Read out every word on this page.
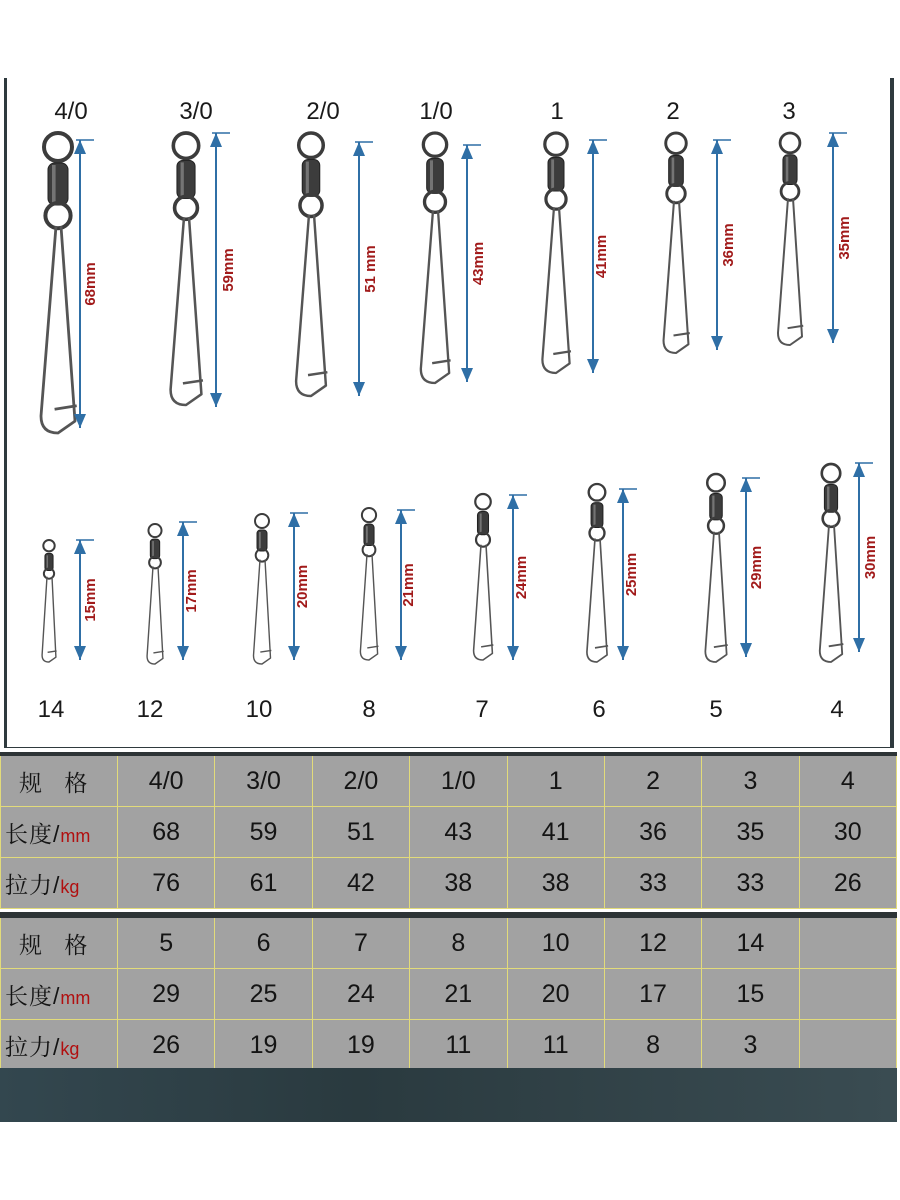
4/0
68mm
3/0
59mm
2/0
51 mm
1/0
43mm
1
41mm
2
36mm
3
35mm
15mm
14
17mm
12
20mm
10
21mm
8
24mm
7
25mm
6
29mm
5
30mm
4
规 格	4/0	3/0	2/0	1/0	1	2	3	4
长度/mm	68	59	51	43	41	36	35	30
拉力/kg	76	61	42	38	38	33	33	26
规 格	5	6	7	8	10	12	14	
长度/mm	29	25	24	21	20	17	15	
拉力/kg	26	19	19	11	11	8	3	
